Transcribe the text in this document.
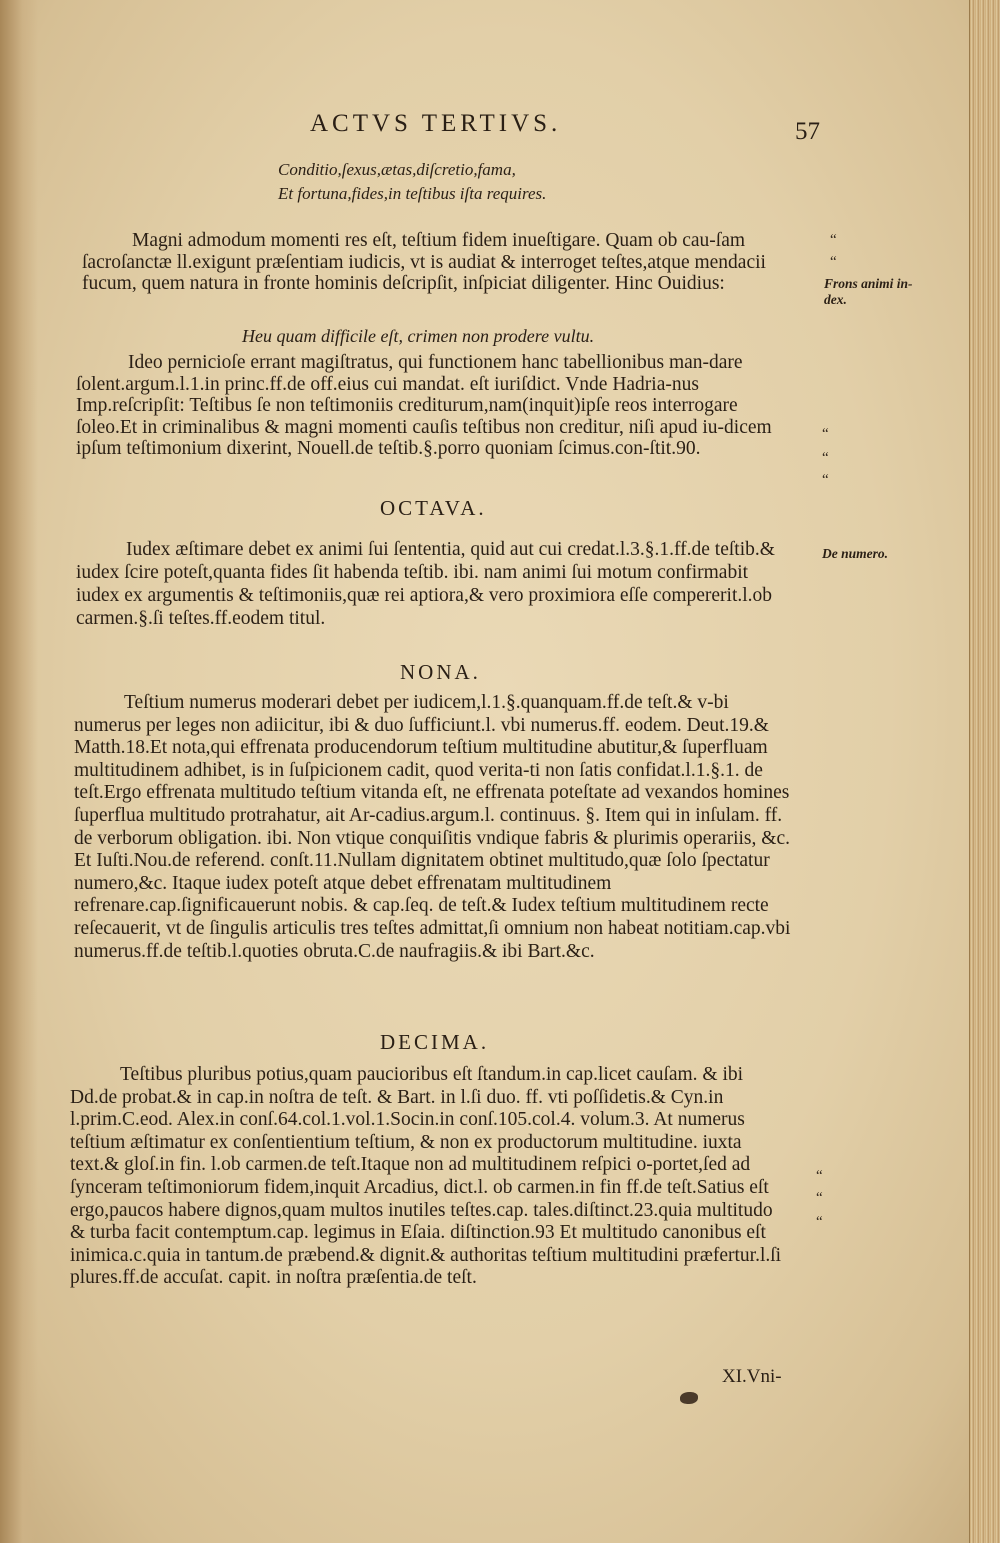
ACTVS TERTIVS.	57
Conditio,ſexus,ætas,diſcretio,fama,
Et fortuna,fides,in teſtibus iſta requires.
Magni admodum momenti res eſt, teſtium fidem inueſtigare. Quam ob cau-ſam ſacroſanctæ ll.exigunt præſentiam iudicis, vt is audiat & interroget teſtes,atque mendacii fucum, quem natura in fronte hominis deſcripſit, inſpiciat diligenter. Hinc Ouidius:
Heu quam difficile eſt, crimen non prodere vultu.
Ideo pernicioſe errant magiſtratus, qui functionem hanc tabellionibus man-dare ſolent.argum.l.1.in princ.ff.de off.eius cui mandat. eſt iuriſdict. Vnde Hadria-nus Imp.reſcripſit: Teſtibus ſe non teſtimoniis crediturum,nam(inquit)ipſe reos interrogare ſoleo.Et in criminalibus & magni momenti cauſis teſtibus non creditur, niſi apud iu-dicem ipſum teſtimonium dixerint, Nouell.de teſtib.§.porro quoniam ſcimus.con-ſtit.90.
OCTAVA.
Iudex æſtimare debet ex animi ſui ſententia, quid aut cui credat.l.3.§.1.ff.de teſtib.& iudex ſcire poteſt,quanta fides ſit habenda teſtib. ibi. nam animi ſui motum confirmabit iudex ex argumentis & teſtimoniis,quæ rei aptiora,& vero proximiora eſſe compererit.l.ob carmen.§.ſi teſtes.ff.eodem titul.
NONA.
Teſtium numerus moderari debet per iudicem,l.1.§.quanquam.ff.de teſt.& v-bi numerus per leges non adiicitur, ibi & duo ſufficiunt.l. vbi numerus.ff. eodem. Deut.19.& Matth.18.Et nota,qui effrenata producendorum teſtium multitudine abutitur,& ſuperfluam multitudinem adhibet, is in ſuſpicionem cadit, quod verita-ti non ſatis confidat.l.1.§.1. de teſt.Ergo effrenata multitudo teſtium vitanda eſt, ne effrenata poteſtate ad vexandos homines ſuperflua multitudo protrahatur, ait Ar-cadius.argum.l. continuus. §. Item qui in inſulam. ff. de verborum obligation. ibi. Non vtique conquiſitis vndique fabris & plurimis operariis, &c. Et Iuſti.Nou.de referend. conſt.11.Nullam dignitatem obtinet multitudo,quæ ſolo ſpectatur numero,&c. Itaque iudex poteſt atque debet effrenatam multitudinem refrenare.cap.ſignificauerunt nobis. & cap.ſeq. de teſt.& Iudex teſtium multitudinem recte reſecauerit, vt de ſingulis articulis tres teſtes admittat,ſi omnium non habeat notitiam.cap.vbi numerus.ff.de teſtib.l.quoties obruta.C.de naufragiis.& ibi Bart.&c.
DECIMA.
Teſtibus pluribus potius,quam paucioribus eſt ſtandum.in cap.licet cauſam. & ibi Dd.de probat.& in cap.in noſtra de teſt. & Bart. in l.ſi duo. ff. vti poſſidetis.& Cyn.in l.prim.C.eod. Alex.in conſ.64.col.1.vol.1.Socin.in conſ.105.col.4. volum.3. At numerus teſtium æſtimatur ex conſentientium teſtium, & non ex productorum multitudine. iuxta text.& gloſ.in fin. l.ob carmen.de teſt.Itaque non ad multitudinem reſpici o-portet,ſed ad ſynceram teſtimoniorum fidem,inquit Arcadius, dict.l. ob carmen.in fin ff.de teſt.Satius eſt ergo,paucos habere dignos,quam multos inutiles teſtes.cap. tales.diſtinct.23.quia multitudo & turba facit contemptum.cap. legimus in Eſaia. diſtinction.93 Et multitudo canonibus eſt inimica.c.quia in tantum.de præbend.& dignit.& authoritas teſtium multitudini præfertur.l.ſi plures.ff.de accuſat. capit. in noſtra præſentia.de teſt.
Frons animi in-dex.
De numero.
“
“
“
“
“
“
“
“
XI.Vni-
